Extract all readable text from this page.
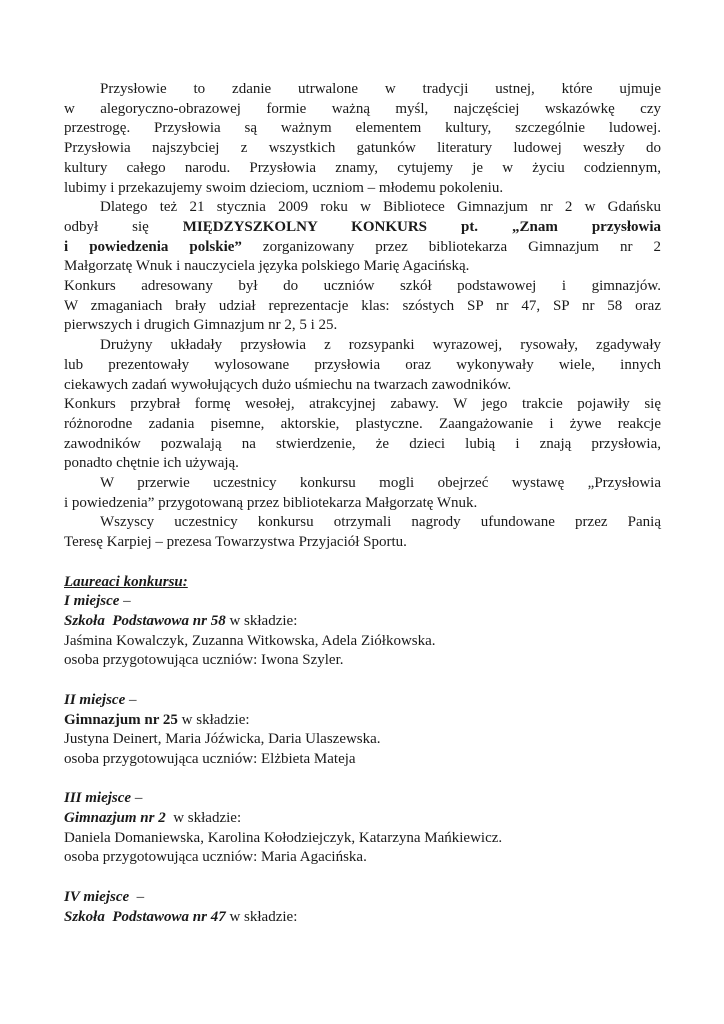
Przysłowie to zdanie utrwalone w tradycji ustnej, które ujmuje
w alegoryczno-obrazowej formie ważną myśl, najczęściej wskazówkę czy
przestrogę. Przysłowia są ważnym elementem kultury, szczególnie ludowej.
Przysłowia najszybciej z wszystkich gatunków literatury ludowej weszły do
kultury całego narodu. Przysłowia znamy, cytujemy je w życiu codziennym,
lubimy i przekazujemy swoim dzieciom, uczniom – młodemu pokoleniu.
Dlatego też 21 stycznia 2009 roku w Bibliotece Gimnazjum nr 2 w Gdańsku
odbył się MIĘDZYSZKOLNY KONKURS pt. „Znam przysłowia
i powiedzenia polskie” zorganizowany przez bibliotekarza Gimnazjum nr 2
Małgorzatę Wnuk i nauczyciela języka polskiego Marię Agacińską.
Konkurs adresowany był do uczniów szkół podstawowej i gimnazjów.
W zmaganiach brały udział reprezentacje klas: szóstych SP nr 47, SP nr 58 oraz
pierwszych i drugich Gimnazjum nr 2, 5 i 25.
Drużyny układały przysłowia z rozsypanki wyrazowej, rysowały, zgadywały
lub prezentowały wylosowane przysłowia oraz wykonywały wiele, innych
ciekawych zadań wywołujących dużo uśmiechu na twarzach zawodników.
Konkurs przybrał formę wesołej, atrakcyjnej zabawy. W jego trakcie pojawiły się
różnorodne zadania pisemne, aktorskie, plastyczne. Zaangażowanie i żywe reakcje
zawodników pozwalają na stwierdzenie, że dzieci lubią i znają przysłowia,
ponadto chętnie ich używają.
W przerwie uczestnicy konkursu mogli obejrzeć wystawę „Przysłowia
i powiedzenia” przygotowaną przez bibliotekarza Małgorzatę Wnuk.
Wszyscy uczestnicy konkursu otrzymali nagrody ufundowane przez Panią
Teresę Karpiej – prezesa Towarzystwa Przyjaciół Sportu.

Laureaci konkursu:
I miejsce –
Szkoła  Podstawowa nr 58 w składzie:
Jaśmina Kowalczyk, Zuzanna Witkowska, Adela Ziółkowska.
osoba przygotowująca uczniów: Iwona Szyler.

II miejsce –
Gimnazjum nr 25 w składzie:
Justyna Deinert, Maria Jóźwicka, Daria Ulaszewska.
osoba przygotowująca uczniów: Elżbieta Mateja

III miejsce –
Gimnazjum nr 2  w składzie:
Daniela Domaniewska, Karolina Kołodziejczyk, Katarzyna Mańkiewicz.
osoba przygotowująca uczniów: Maria Agacińska.

IV miejsce  –
Szkoła  Podstawowa nr 47 w składzie:
